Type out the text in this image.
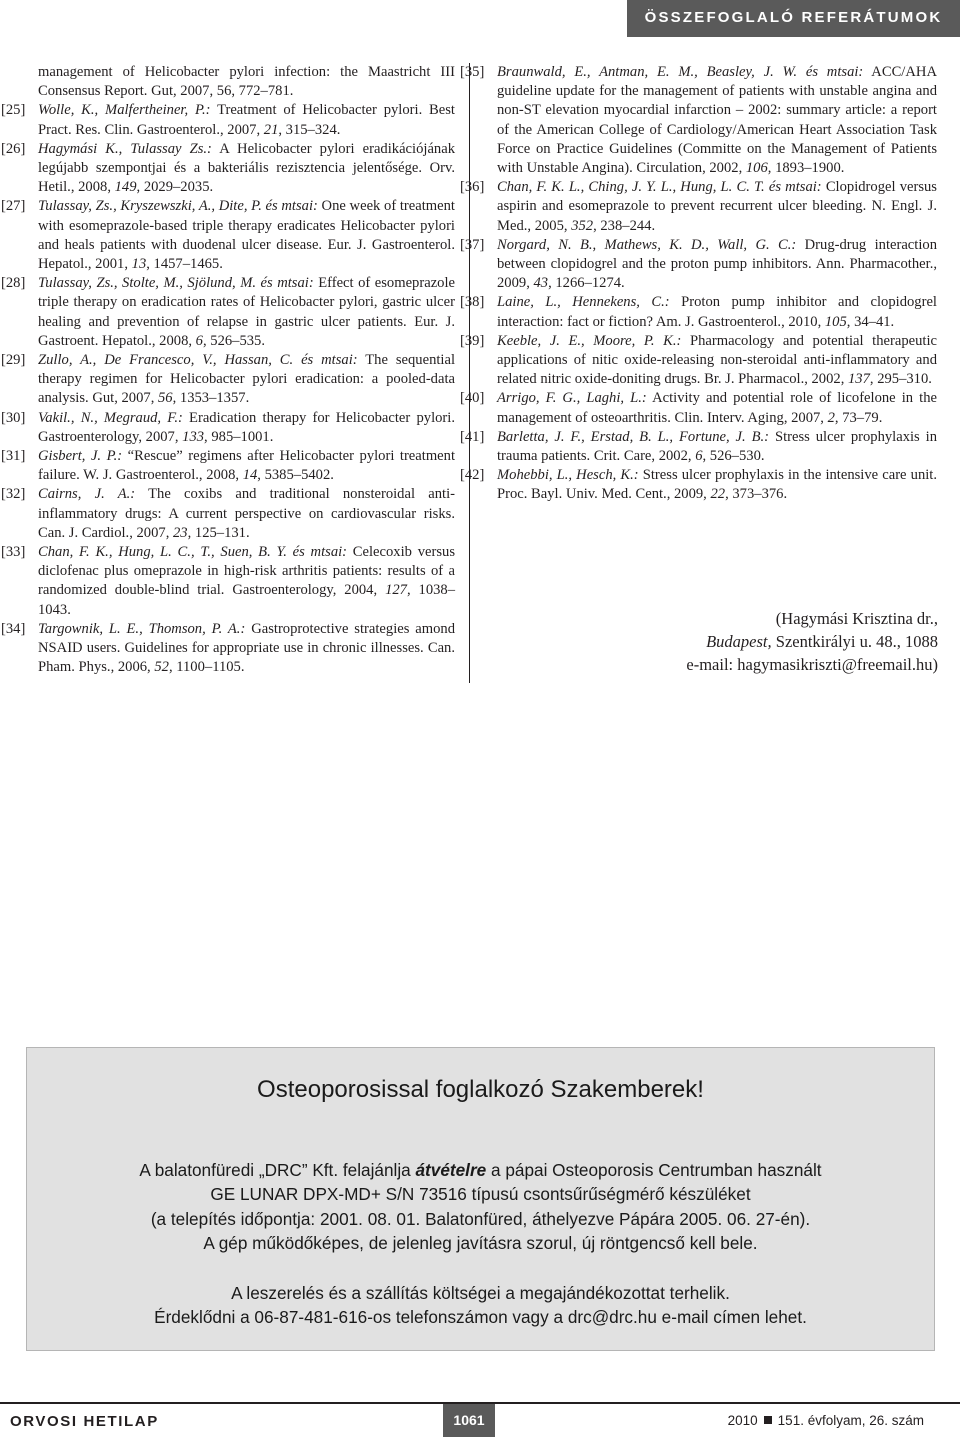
ÖSSZEFOGLALÓ REFERÁTUMOK
management of Helicobacter pylori infection: the Maastricht III Consensus Report. Gut, 2007, 56, 772–781.

[25] Wolle, K., Malfertheiner, P.: Treatment of Helicobacter pylori. Best Pract. Res. Clin. Gastroenterol., 2007, 21, 315–324.

[26] Hagymási K., Tulassay Zs.: A Helicobacter pylori eradikációjának legújabb szempontjai és a bakteriális rezisztencia jelentősége. Orv. Hetil., 2008, 149, 2029–2035.

[27] Tulassay, Zs., Kryszewszki, A., Dite, P. és mtsai: One week of treatment with esomeprazole-based triple therapy eradicates Helicobacter pylori and heals patients with duodenal ulcer disease. Eur. J. Gastroenterol. Hepatol., 2001, 13, 1457–1465.

[28] Tulassay, Zs., Stolte, M., Sjölund, M. és mtsai: Effect of esomeprazole triple therapy on eradication rates of Helicobacter pylori, gastric ulcer healing and prevention of relapse in gastric ulcer patients. Eur. J. Gastroent. Hepatol., 2008, 6, 526–535.

[29] Zullo, A., De Francesco, V., Hassan, C. és mtsai: The sequential therapy regimen for Helicobacter pylori eradication: a pooled-data analysis. Gut, 2007, 56, 1353–1357.

[30] Vakil., N., Megraud, F.: Eradication therapy for Helicobacter pylori. Gastroenterology, 2007, 133, 985–1001.

[31] Gisbert, J. P.: “Rescue” regimens after Helicobacter pylori treatment failure. W. J. Gastroenterol., 2008, 14, 5385–5402.

[32] Cairns, J. A.: The coxibs and traditional nonsteroidal anti-inflammatory drugs: A current perspective on cardiovascular risks. Can. J. Cardiol., 2007, 23, 125–131.

[33] Chan, F. K., Hung, L. C., T., Suen, B. Y. és mtsai: Celecoxib versus diclofenac plus omeprazole in high-risk arthritis patients: results of a randomized double-blind trial. Gastroenterology, 2004, 127, 1038–1043.

[34] Targownik, L. E., Thomson, P. A.: Gastroprotective strategies amond NSAID users. Guidelines for appropriate use in chronic illnesses. Can. Pham. Phys., 2006, 52, 1100–1105.

[35] Braunwald, E., Antman, E. M., Beasley, J. W. és mtsai: ACC/AHA guideline update for the management of patients with unstable angina and non-ST elevation myocardial infarction – 2002: summary article: a report of the American College of Cardiology/American Heart Association Task Force on Practice Guidelines (Committe on the Management of Patients with Unstable Angina). Circulation, 2002, 106, 1893–1900.

[36] Chan, F. K. L., Ching, J. Y. L., Hung, L. C. T. és mtsai: Clopidrogel versus aspirin and esomeprazole to prevent recurrent ulcer bleeding. N. Engl. J. Med., 2005, 352, 238–244.

[37] Norgard, N. B., Mathews, K. D., Wall, G. C.: Drug-drug interaction between clopidogrel and the proton pump inhibitors. Ann. Pharmacother., 2009, 43, 1266–1274.

[38] Laine, L., Hennekens, C.: Proton pump inhibitor and clopidogrel interaction: fact or fiction? Am. J. Gastroenterol., 2010, 105, 34–41.

[39] Keeble, J. E., Moore, P. K.: Pharmacology and potential therapeutic applications of nitic oxide-releasing non-steroidal anti-inflammatory and related nitric oxide-doniting drugs. Br. J. Pharmacol., 2002, 137, 295–310.

[40] Arrigo, F. G., Laghi, L.: Activity and potential role of licofelone in the management of osteoarthritis. Clin. Interv. Aging, 2007, 2, 73–79.

[41] Barletta, J. F., Erstad, B. L., Fortune, J. B.: Stress ulcer prophylaxis in trauma patients. Crit. Care, 2002, 6, 526–530.

[42] Mohebbi, L., Hesch, K.: Stress ulcer prophylaxis in the intensive care unit. Proc. Bayl. Univ. Med. Cent., 2009, 22, 373–376.

(Hagymási Krisztina dr.,
Budapest, Szentkirályi u. 48., 1088
e-mail: hagymasikriszti@freemail.hu)
Osteoporosissal foglalkozó Szakemberek!
A balatonfüredi „DRC” Kft. felajánlja átvételre a pápai Osteoporosis Centrumban használt
GE LUNAR DPX-MD+ S/N 73516 típusú csontsűrűségmérő készüléket
(a telepítés időpontja: 2001. 08. 01. Balatonfüred, áthelyezve Pápára 2005. 06. 27-én).
A gép működőképes, de jelenleg javításra szorul, új röntgencső kell bele.
A leszerelés és a szállítás költségei a megajándékozottat terhelik.
Érdeklődni a 06-87-481-616-os telefonszámon vagy a drc@drc.hu e-mail címen lehet.
ORVOSI HETILAP	1061	2010 151. évfolyam, 26. szám
